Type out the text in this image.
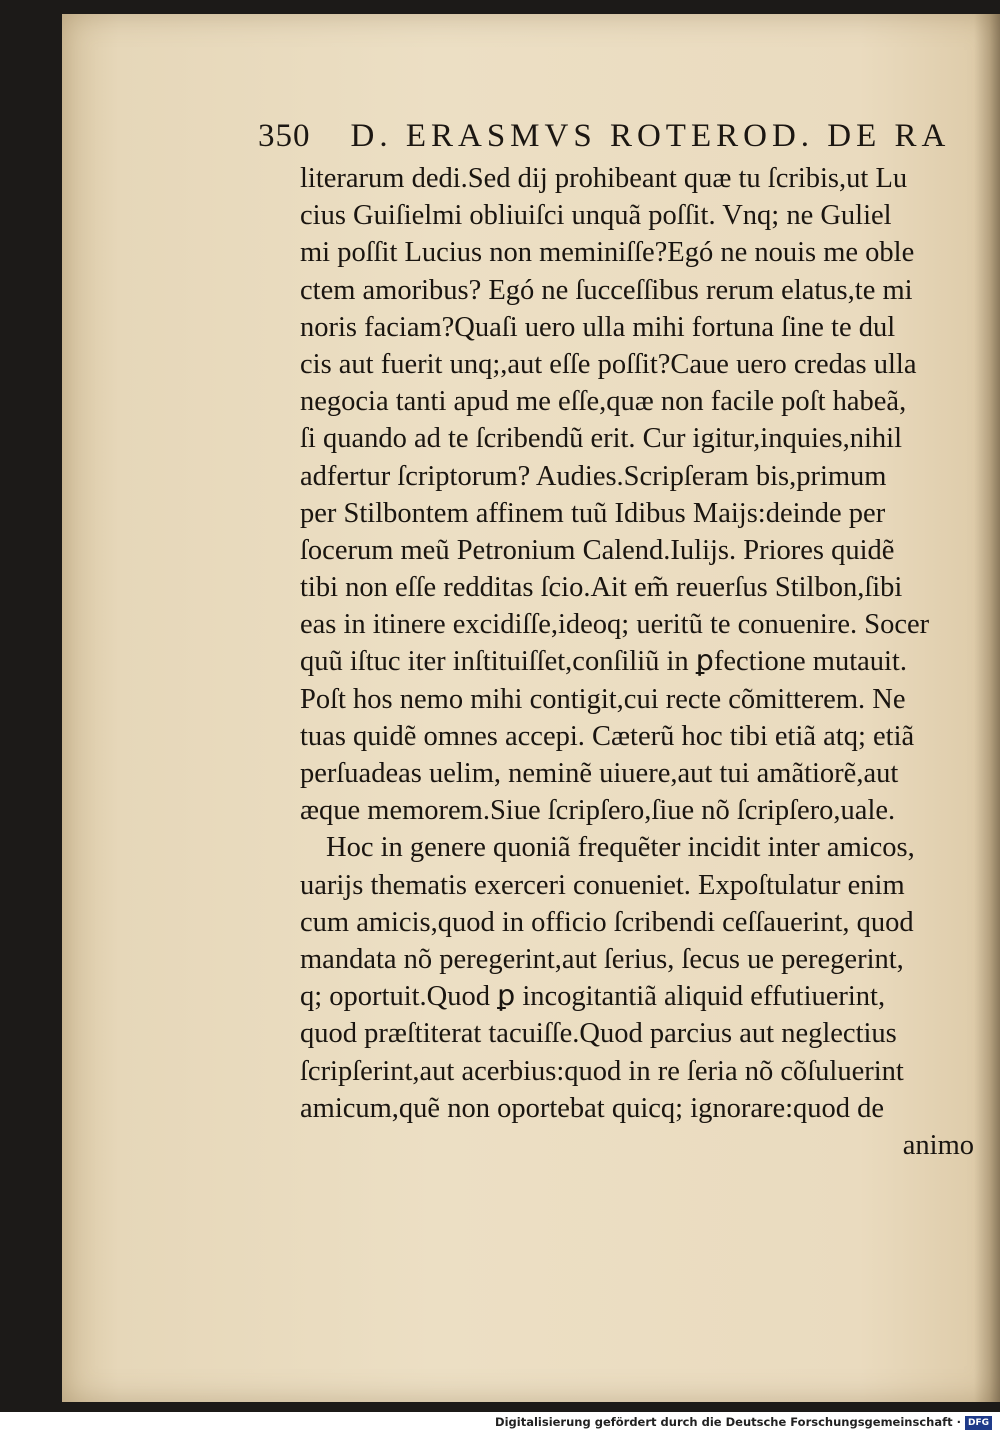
350 D. ERASMVS ROTEROD. DE RA
literarum dedi.Sed dij prohibeant quæ tu ſcribis,ut Lu
cius Guiſielmi obliuiſci unquã poſſit. Vnq; ne Guliel
mi poſſit Lucius non meminiſſe?Egó ne nouis me oble
ctem amoribus? Egó ne ſucceſſibus rerum elatus,te mi
noris faciam?Quaſi uero ulla mihi fortuna ſine te dul
cis aut fuerit unq;,aut eſſe poſſit?Caue uero credas ulla
negocia tanti apud me eſſe,quæ non facile poſt habeã,
ſi quando ad te ſcribendũ erit. Cur igitur,inquies,nihil
adfertur ſcriptorum? Audies.Scripſeram bis,primum
per Stilbontem affinem tuũ Idibus Maijs:deinde per
ſocerum meũ Petronium Calend.Iulijs. Priores quidẽ
tibi non eſſe redditas ſcio.Ait em̃ reuerſus Stilbon,ſibi
eas in itinere excidiſſe,ideoq; ueritũ te conuenire. Socer
quũ iſtuc iter inſtituiſſet,conſiliũ in ꝑfectione mutauit.
Poſt hos nemo mihi contigit,cui recte cõmitterem. Ne
tuas quidẽ omnes accepi. Cæterũ hoc tibi etiã atq; etiã
perſuadeas uelim, neminẽ uiuere,aut tui amãtiorẽ,aut
æque memorem.Siue ſcripſero,ſiue nõ ſcripſero,uale.
Hoc in genere quoniã frequẽter incidit inter amicos,
uarijs thematis exerceri conueniet. Expoſtulatur enim
cum amicis,quod in officio ſcribendi ceſſauerint, quod
mandata nõ peregerint,aut ſerius, ſecus ue peregerint,
q; oportuit.Quod ꝑ incogitantiã aliquid effutiuerint,
quod præſtiterat tacuiſſe.Quod parcius aut neglectius
ſcripſerint,aut acerbius:quod in re ſeria nõ cõſuluerint
amicum,quẽ non oportebat quicq; ignorare:quod de
animo
Digitalisierung gefördert durch die Deutsche Forschungsgemeinschaft · DFG
